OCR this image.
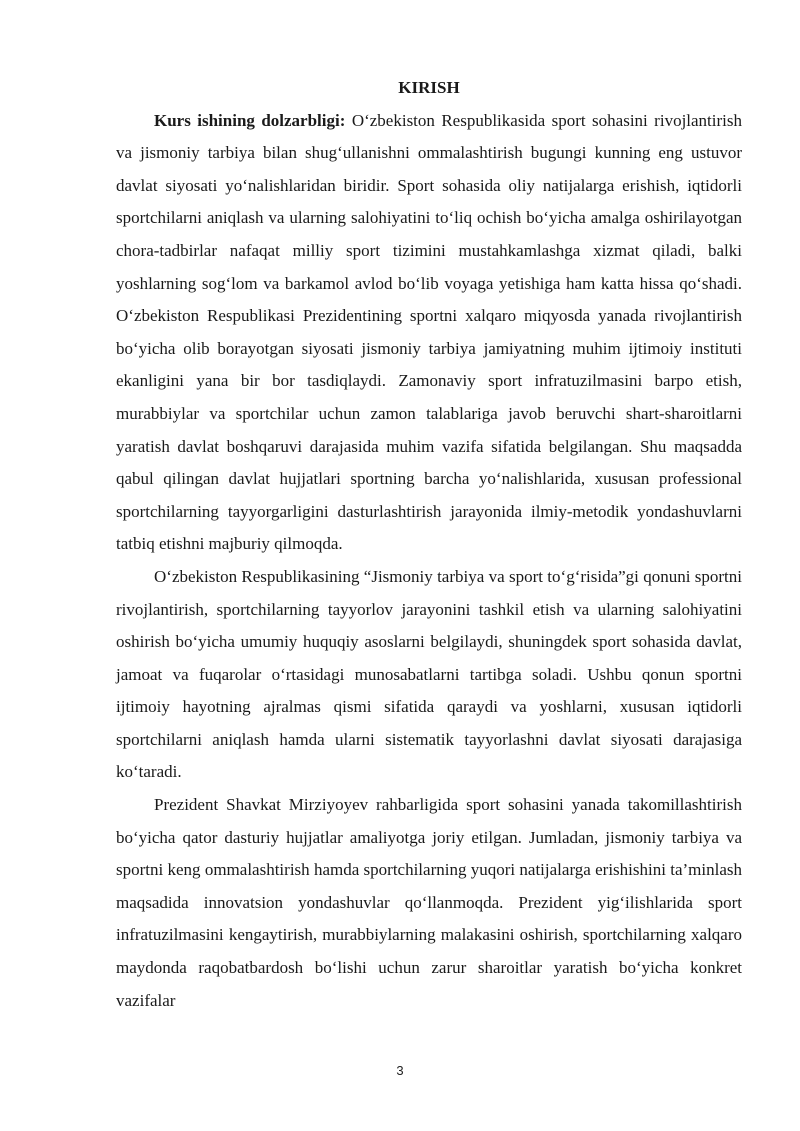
KIRISH

Kurs ishining dolzarbligi: O‘zbekiston Respublikasida sport sohasini rivojlantirish va jismoniy tarbiya bilan shug‘ullanishni ommalashtirish bugungi kunning eng ustuvor davlat siyosati yo‘nalishlaridan biridir. Sport sohasida oliy natijalarga erishish, iqtidorli sportchilarni aniqlash va ularning salohiyatini to‘liq ochish bo‘yicha amalga oshirilayotgan chora-tadbirlar nafaqat milliy sport tizimini mustahkamlashga xizmat qiladi, balki yoshlarning sog‘lom va barkamol avlod bo‘lib voyaga yetishiga ham katta hissa qo‘shadi. O‘zbekiston Respublikasi Prezidentining sportni xalqaro miqyosda yanada rivojlantirish bo‘yicha olib borayotgan siyosati jismoniy tarbiya jamiyatning muhim ijtimoiy instituti ekanligini yana bir bor tasdiqlaydi. Zamonaviy sport infratuzilmasini barpo etish, murabbiylar va sportchilar uchun zamon talablariga javob beruvchi shart-sharoitlarni yaratish davlat boshqaruvi darajasida muhim vazifa sifatida belgilangan. Shu maqsadda qabul qilingan davlat hujjatlari sportning barcha yo‘nalishlarida, xususan professional sportchilarning tayyorgarligini dasturlashtirish jarayonida ilmiy-metodik yondashuvlarni tatbiq etishni majburiy qilmoqda.

O‘zbekiston Respublikasining “Jismoniy tarbiya va sport to‘g‘risida”gi qonuni sportni rivojlantirish, sportchilarning tayyorlov jarayonini tashkil etish va ularning salohiyatini oshirish bo‘yicha umumiy huquqiy asoslarni belgilaydi, shuningdek sport sohasida davlat, jamoat va fuqarolar o‘rtasidagi munosabatlarni tartibga soladi. Ushbu qonun sportni ijtimoiy hayotning ajralmas qismi sifatida qaraydi va yoshlarni, xususan iqtidorli sportchilarni aniqlash hamda ularni sistematik tayyorlashni davlat siyosati darajasiga ko‘taradi.

Prezident Shavkat Mirziyoyev rahbarligida sport sohasini yanada takomillashtirish bo‘yicha qator dasturiy hujjatlar amaliyotga joriy etilgan. Jumladan, jismoniy tarbiya va sportni keng ommalashtirish hamda sportchilarning yuqori natijalarga erishishini ta’minlash maqsadida innovatsion yondashuvlar qo‘llanmoqda. Prezident yig‘ilishlarida sport infratuzilmasini kengaytirish, murabbiylarning malakasini oshirish, sportchilarning xalqaro maydonda raqobatbardosh bo‘lishi uchun zarur sharoitlar yaratish bo‘yicha konkret vazifalar

3
